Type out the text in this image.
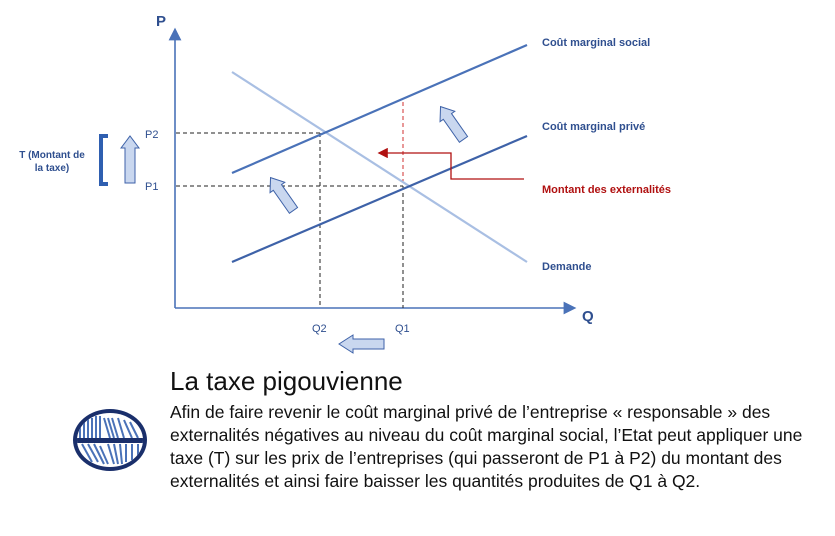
P
Q
P2
P1
Q2	Q1
Coût marginal social
Coût marginal privé
Demande
Montant des externalités
T (Montant de
la taxe)
La taxe pigouvienne
Afin de faire revenir le coût marginal privé de l’entreprise « responsable » des externalités négatives au niveau du coût marginal social, l’Etat peut appliquer une taxe (T) sur les prix de l’entreprises (qui passeront de P1 à P2) du montant des externalités et ainsi faire baisser les quantités produites de Q1 à Q2.
